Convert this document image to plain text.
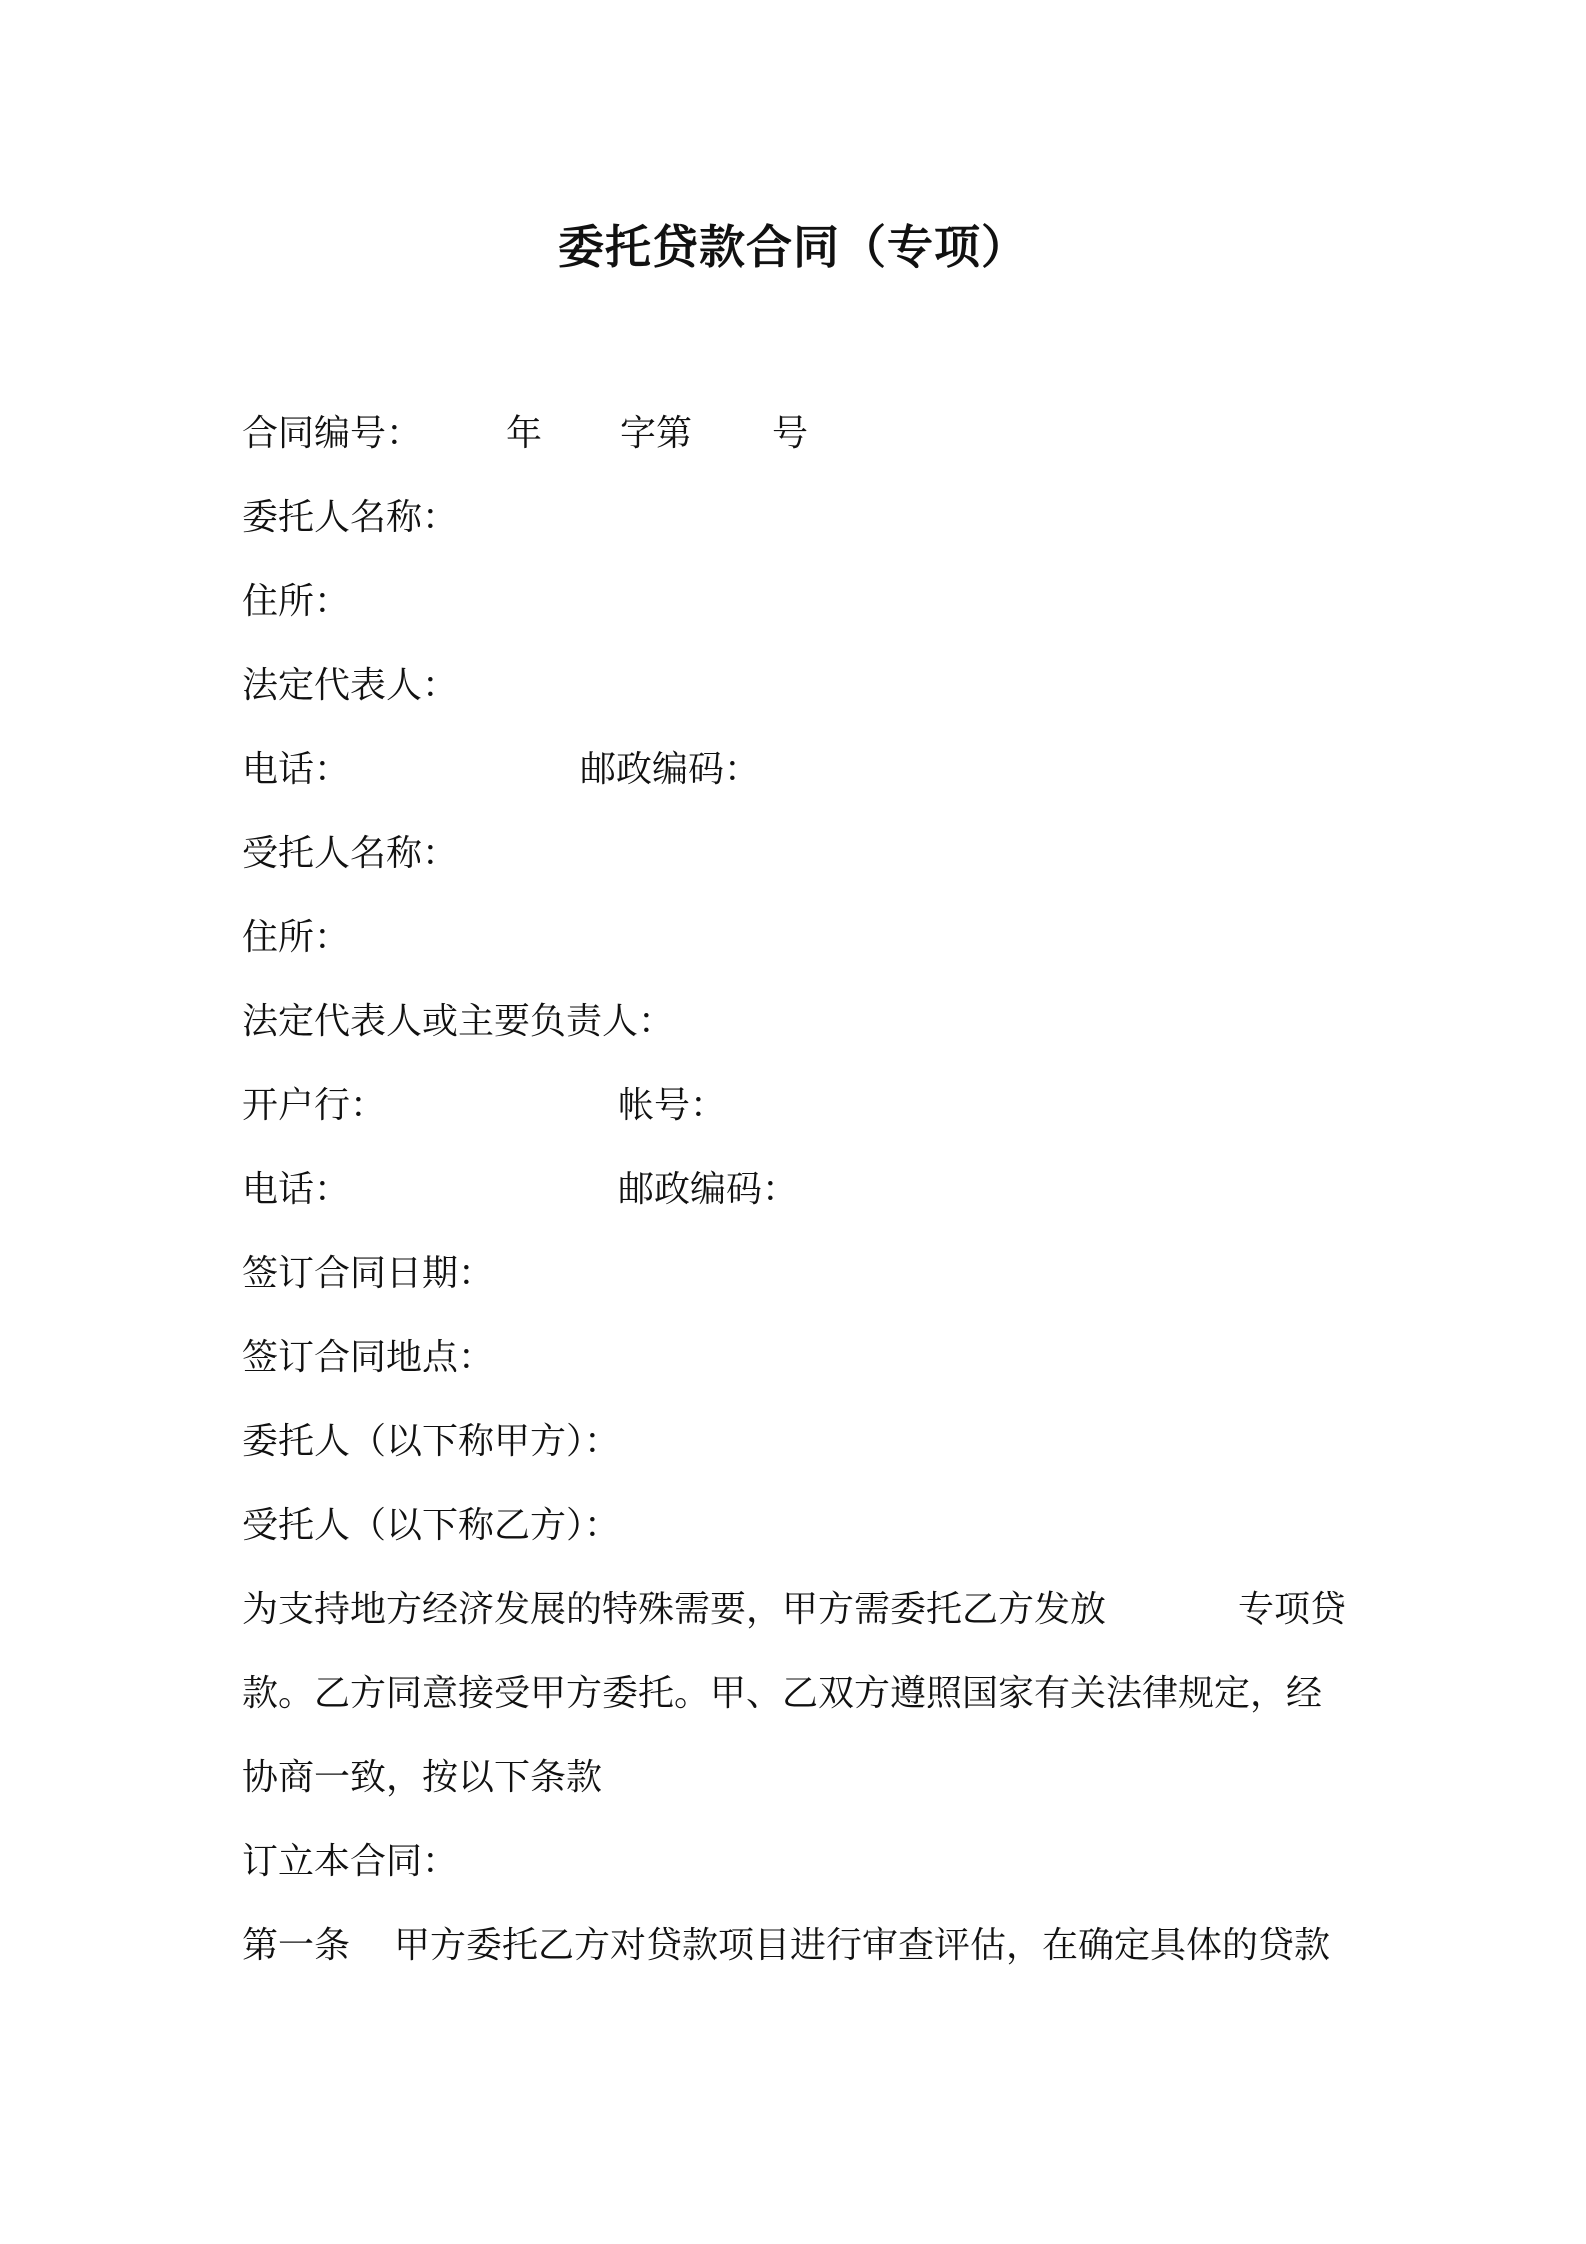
委托贷款合同（专项）
合同编号： 年 字第 号
委托人名称：
住所：
法定代表人：
电话：	邮政编码：
受托人名称：
住所：
法定代表人或主要负责人：
开户行：	帐号：
电话：	邮政编码：
签订合同日期：
签订合同地点：
委托人（以下称甲方）：
受托人（以下称乙方）：
为支持地方经济发展的特殊需要，甲方需委托乙方发放	专项贷
款。乙方同意接受甲方委托。甲、乙双方遵照国家有关法律规定，经
协商一致，按以下条款
订立本合同：
第一条 甲方委托乙方对贷款项目进行审查评估，在确定具体的贷款
